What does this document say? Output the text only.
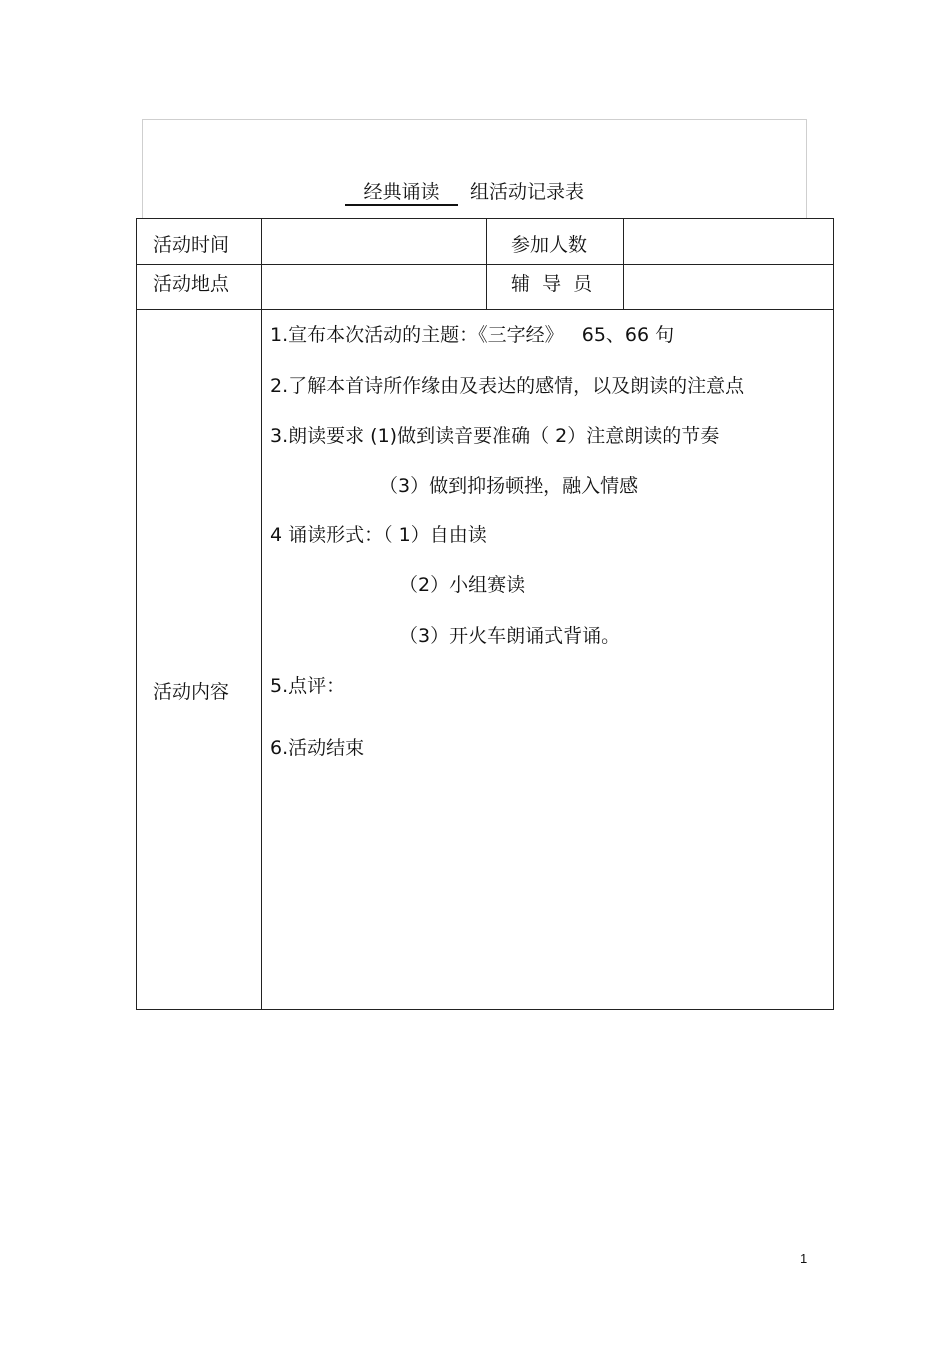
经典诵读	组活动记录表
活动时间	参加人数
活动地点	辅  导  员
活动内容
1.宣布本次活动的主题：《三字经》   65、66 句
2.了解本首诗所作缘由及表达的感情，以及朗读的注意点
3.朗读要求 (1)做到读音要准确（ 2）注意朗读的节奏
（3）做到抑扬顿挫，融入情感
4 诵读形式：（ 1）自由读
（2）小组赛读
（3）开火车朗诵式背诵。
5.点评：
6.活动结束
1
